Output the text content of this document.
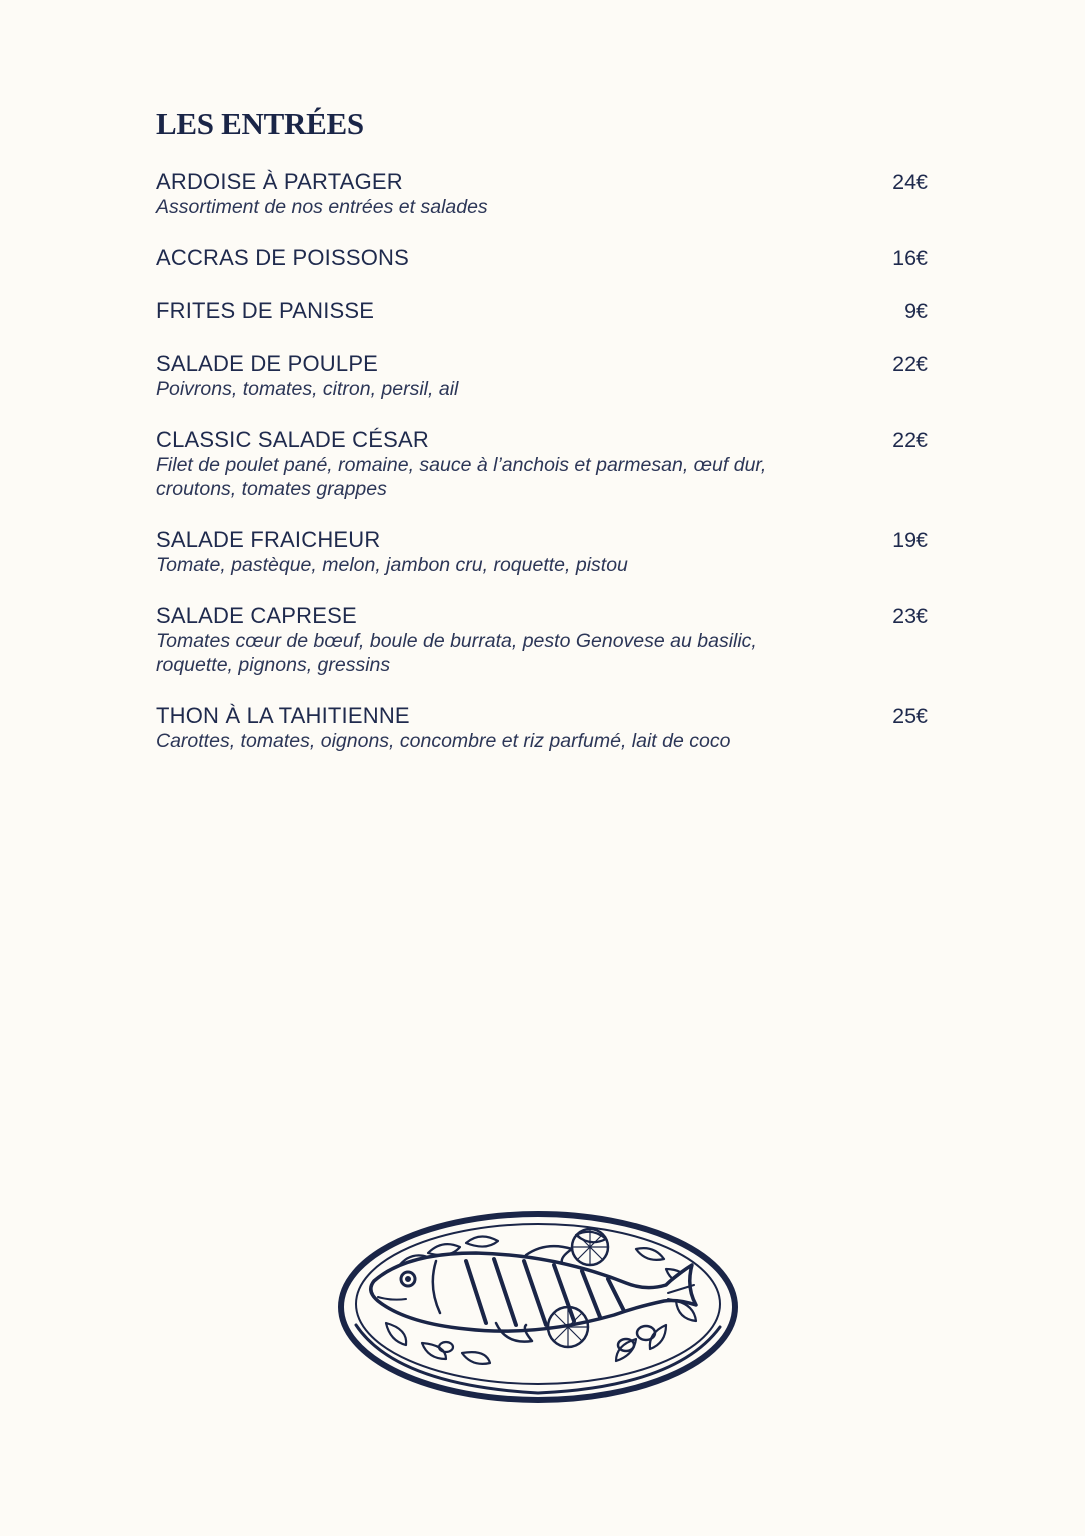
LES ENTRÉES
ARDOISE À PARTAGER	24€
Assortiment de nos entrées et salades
ACCRAS DE POISSONS	16€
FRITES DE PANISSE	9€
SALADE DE POULPE	22€
Poivrons, tomates, citron, persil, ail
CLASSIC SALADE CÉSAR	22€
Filet de poulet pané, romaine, sauce à l’anchois et parmesan, œuf dur, croutons, tomates grappes
SALADE FRAICHEUR	19€
Tomate, pastèque, melon, jambon cru, roquette, pistou
SALADE CAPRESE	23€
Tomates cœur de bœuf, boule de burrata, pesto Genovese au basilic, roquette, pignons, gressins
THON À LA TAHITIENNE	25€
Carottes, tomates, oignons, concombre et riz parfumé, lait de coco
